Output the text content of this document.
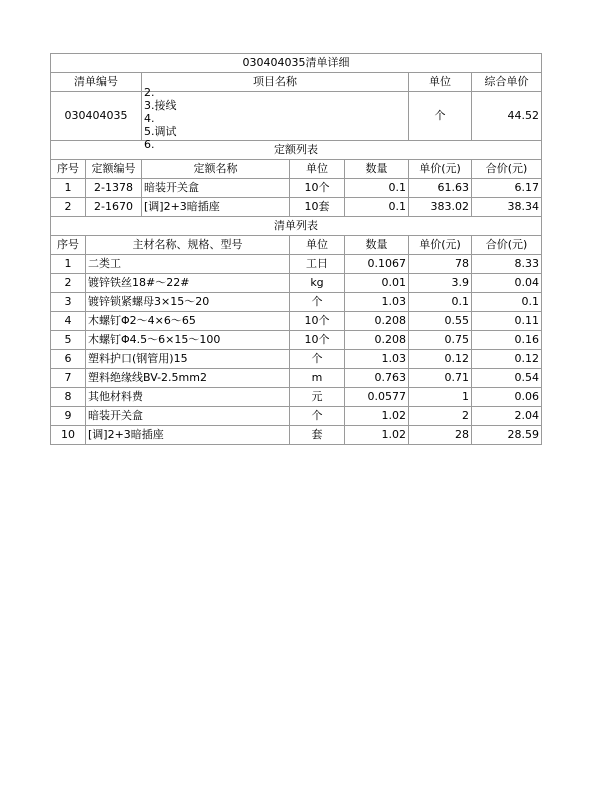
030404035清单详细						
清单编号		项目名称			单位	综合单价
030404035		2.
3.接线
4.
5.调试
6.			个	44.52
定额列表						
序号	定额编号	定额名称	单位	数量	单价(元)	合价(元)
1	2-1378	暗装开关盒	10个	0.1	61.63	6.17
2	2-1670	[调]2+3暗插座	10套	0.1	383.02	38.34
清单列表						
序号	主材名称、规格、型号		单位	数量	单价(元)	合价(元)
1	二类工		工日	0.1067	78	8.33
2	镀锌铁丝18#～22#		kg	0.01	3.9	0.04
3	镀锌锁紧螺母3×15～20		个	1.03	0.1	0.1
4	木螺钉Φ2～4×6～65		10个	0.208	0.55	0.11
5	木螺钉Φ4.5～6×15～100		10个	0.208	0.75	0.16
6	塑料护口(钢管用)15		个	1.03	0.12	0.12
7	塑料绝缘线BV-2.5mm2		m	0.763	0.71	0.54
8	其他材料费		元	0.0577	1	0.06
9	暗装开关盒		个	1.02	2	2.04
10	[调]2+3暗插座		套	1.02	28	28.59
